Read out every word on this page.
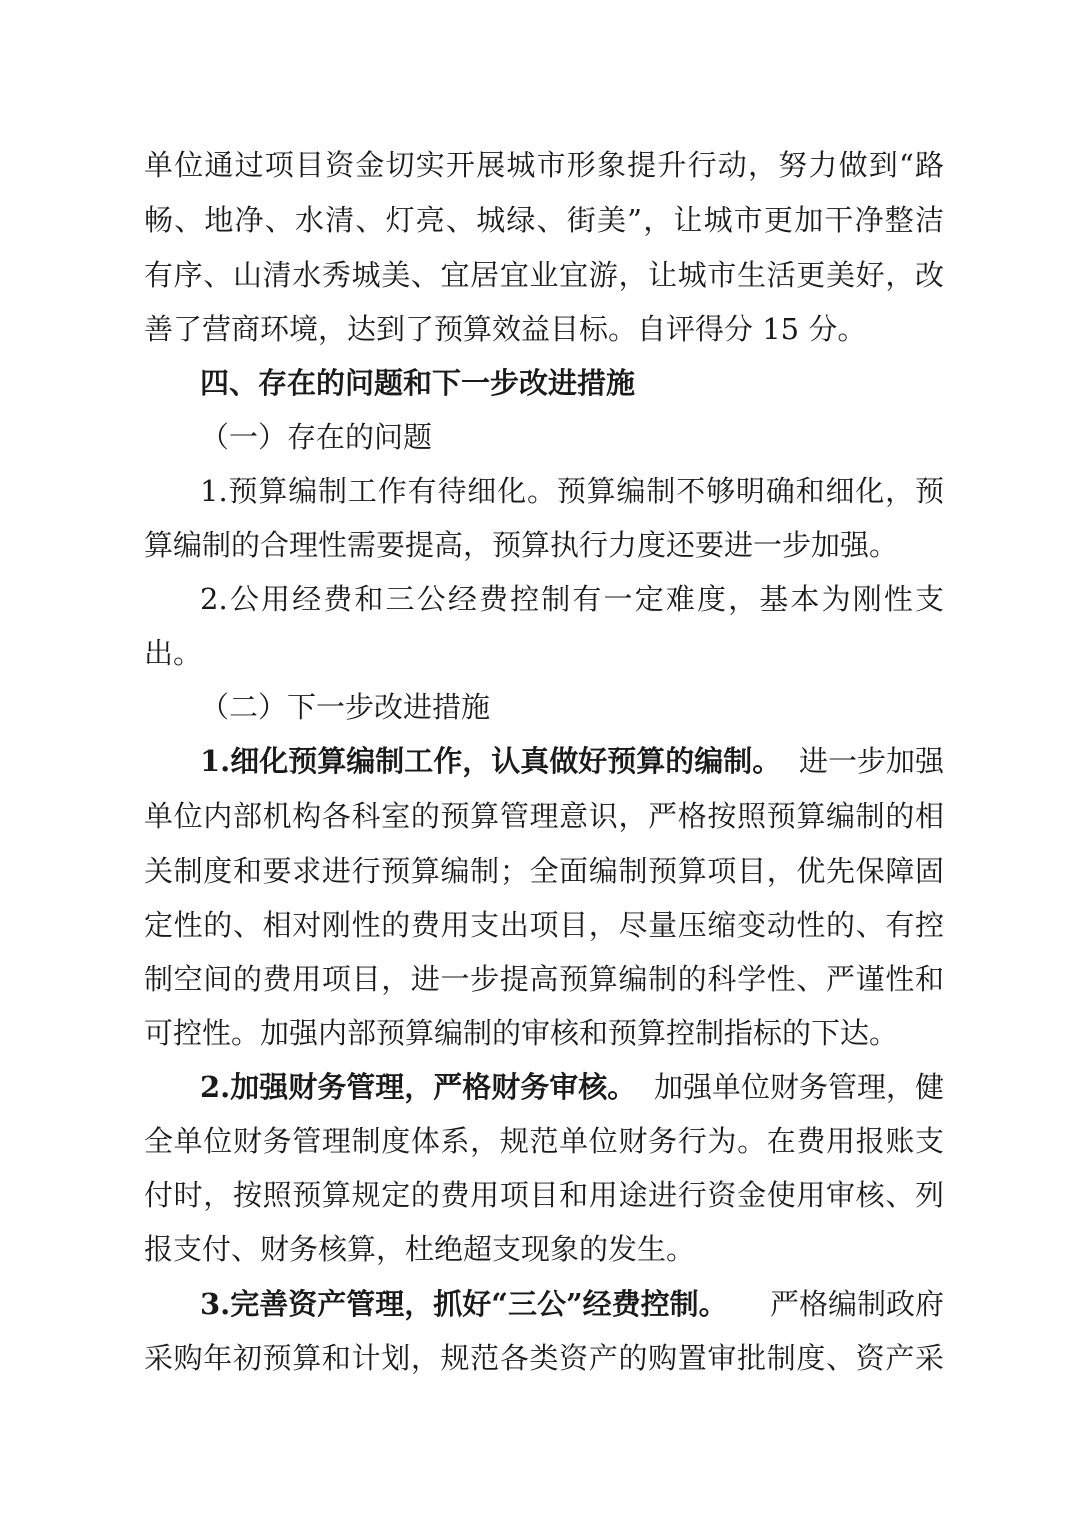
单位通过项目资金切实开展城市形象提升行动，努力做到“路
畅、地净、水清、灯亮、城绿、街美”，让城市更加干净整洁
有序、山清水秀城美、宜居宜业宜游，让城市生活更美好，改
善了营商环境，达到了预算效益目标。自评得分 15 分。
四、存在的问题和下一步改进措施
（一）存在的问题
1.预算编制工作有待细化。预算编制不够明确和细化，预
算编制的合理性需要提高，预算执行力度还要进一步加强。
2.公用经费和三公经费控制有一定难度，基本为刚性支
出。
（二）下一步改进措施
1.细化预算编制工作，认真做好预算的编制。 进一步加强
单位内部机构各科室的预算管理意识，严格按照预算编制的相
关制度和要求进行预算编制；全面编制预算项目，优先保障固
定性的、相对刚性的费用支出项目，尽量压缩变动性的、有控
制空间的费用项目，进一步提高预算编制的科学性、严谨性和
可控性。加强内部预算编制的审核和预算控制指标的下达。
2.加强财务管理，严格财务审核。 加强单位财务管理，健
全单位财务管理制度体系，规范单位财务行为。在费用报账支
付时，按照预算规定的费用项目和用途进行资金使用审核、列
报支付、财务核算，杜绝超支现象的发生。
3.完善资产管理，抓好“三公”经费控制。 严格编制政府
采购年初预算和计划，规范各类资产的购置审批制度、资产采
